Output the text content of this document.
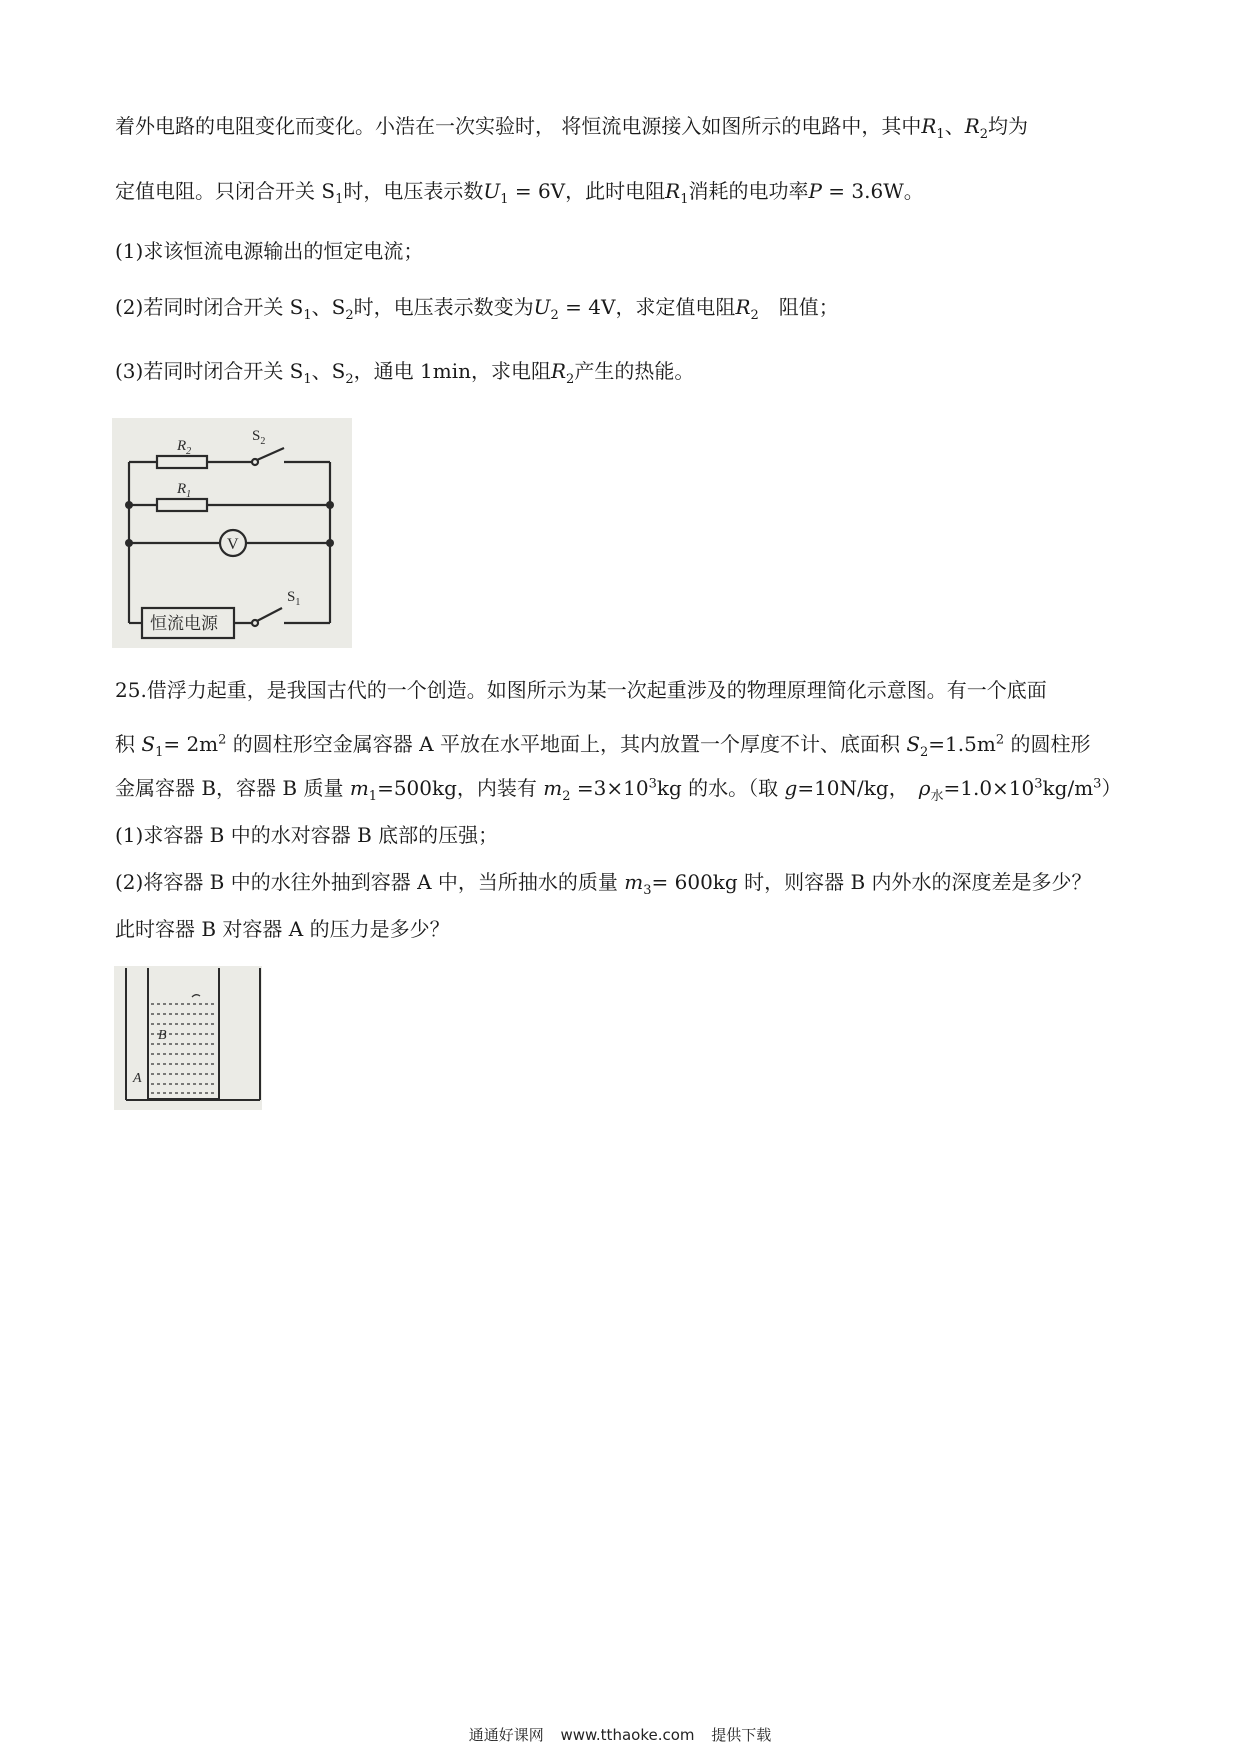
着外电路的电阻变化而变化。小浩在一次实验时， 将恒流电源接入如图所示的电路中，其中$R_1$、$R_2$均为
定值电阻。只闭合开关 $S_1$时，电压表示数$U_1 = 6V$，此时电阻$R_1$消耗的电功率P = 3.6W。
(1)求该恒流电源输出的恒定电流；
(2)若同时闭合开关 $S_1$、$S_2$时，电压表示数变为$U_2 = 4V$，求定值电阻$R_2$　阻值；
(3)若同时闭合开关 $S_1$、$S_2$，通电 1min，求电阻$R_2$产生的热能。
$R_2$
$S_2$
$R_1$
V
$S_1$
恒流电源
25.借浮力起重，是我国古代的一个创造。如图所示为某一次起重涉及的物理原理简化示意图。有一个底面
积 $S_1= 2m^2$ 的圆柱形空金属容器 A 平放在水平地面上，其内放置一个厚度不计、底面积 $S_2=1.5m^2$ 的圆柱形
金属容器 B，容器 B 质量 $m_1=500kg$，内装有 $m_2 =3\times 10^3kg$ 的水。（取 g=10N/kg，　$\rho_水=1.0\times 10^3kg/m^3$）
(1)求容器 B 中的水对容器 B 底部的压强；
(2)将容器 B 中的水往外抽到容器 A 中，当所抽水的质量 $m_3= 600kg$ 时，则容器 B 内外水的深度差是多少？
此时容器 B 对容器 A 的压力是多少？
B
A
通通好课网 www.tthaoke.com 提供下载
